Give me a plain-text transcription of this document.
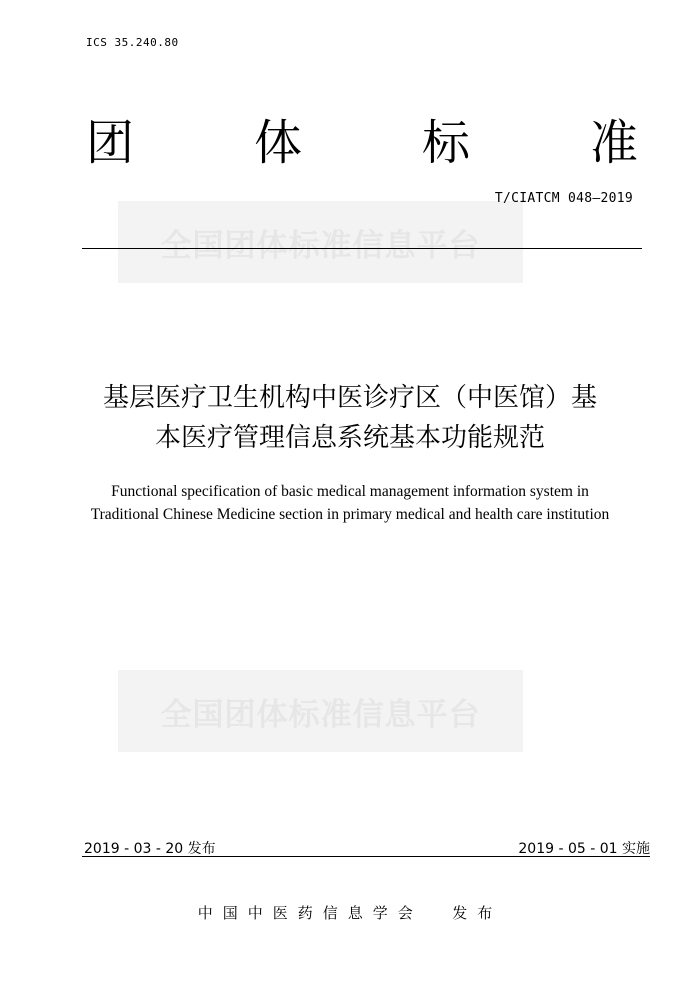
ICS 35.240.80
团 体 标 准
全国团体标准信息平台
T/CIATCM 048—2019
基层医疗卫生机构中医诊疗区（中医馆）基
本医疗管理信息系统基本功能规范
Functional specification of basic medical management information system in
Traditional Chinese Medicine section in primary medical and health care institution
全国团体标准信息平台
2019 - 03 - 20 发布	2019 - 05 - 01 实施
中国中医药信息学会  发布
